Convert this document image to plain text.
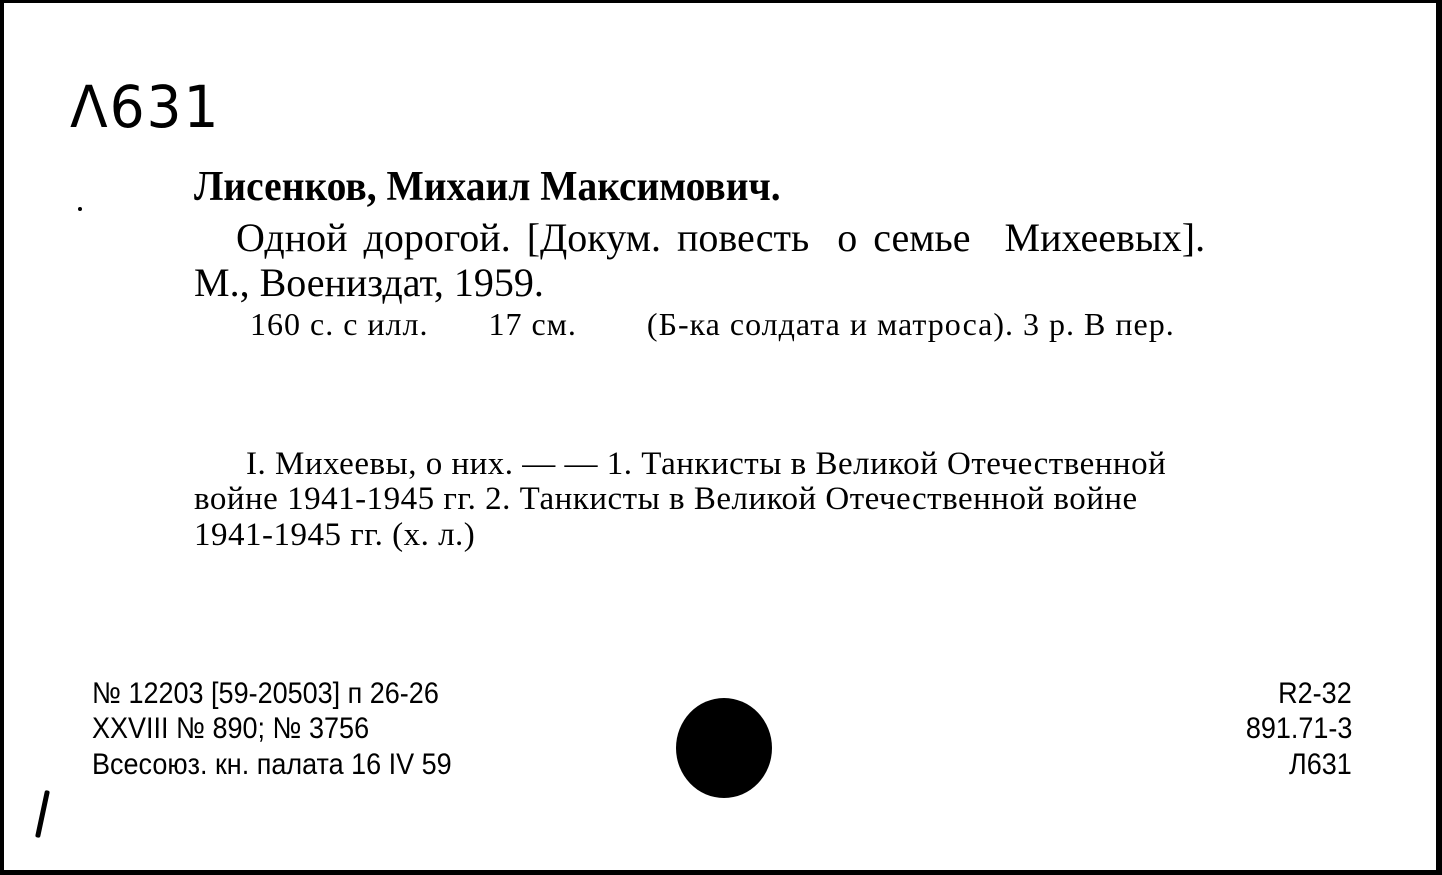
Λ631
Лисенков, Михаил Максимович.
Одной дорогой. [Докум. повесть о семье Михеевых].
М., Воениздат, 1959.
160 с. с илл. 17 см. (Б-ка солдата и матроса). 3 р. В пер.
I. Михеевы, о них. — — 1. Танкисты в Великой Отечественной
войне 1941-1945 гг. 2. Танкисты в Великой Отечественной войне
1941-1945 гг. (х. л.)
№ 12203 [59-20503] п 26-26
XXVIII № 890; № 3756
Всесоюз. кн. палата 16 IV 59
R2-32
891.71-3
Л631
